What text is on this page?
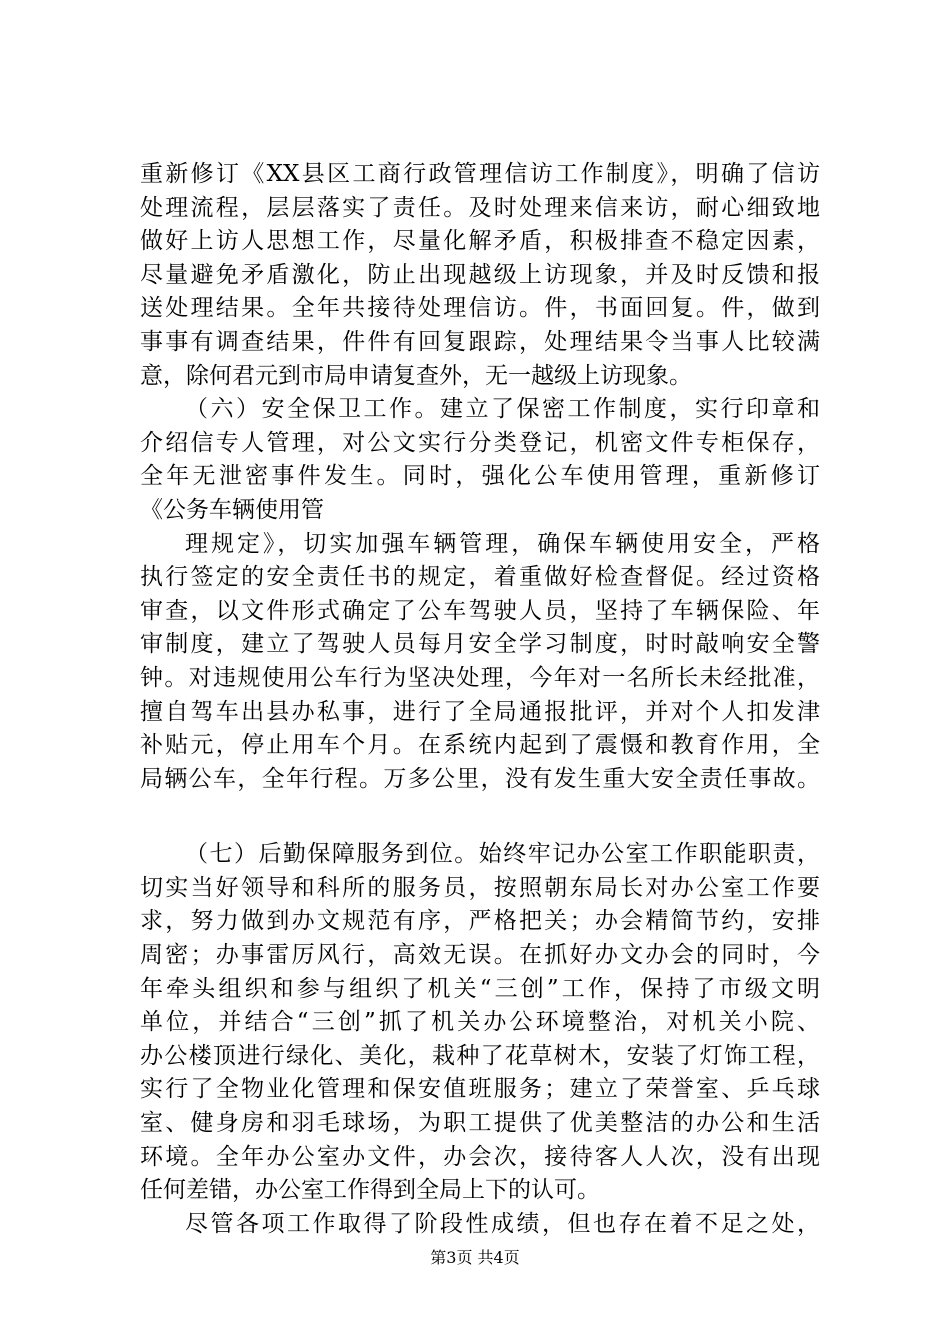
重新修订《XX县区工商行政管理信访工作制度》，明确了信访
处理流程，层层落实了责任。及时处理来信来访，耐心细致地
做好上访人思想工作，尽量化解矛盾，积极排查不稳定因素，
尽量避免矛盾激化，防止出现越级上访现象，并及时反馈和报
送处理结果。全年共接待处理信访。件，书面回复。件，做到
事事有调查结果，件件有回复跟踪，处理结果令当事人比较满
意，除何君元到市局申请复查外，无一越级上访现象。
（六）安全保卫工作。建立了保密工作制度，实行印章和
介绍信专人管理，对公文实行分类登记，机密文件专柜保存，
全年无泄密事件发生。同时，强化公车使用管理，重新修订
《公务车辆使用管
理规定》，切实加强车辆管理，确保车辆使用安全，严格
执行签定的安全责任书的规定，着重做好检查督促。经过资格
审查，以文件形式确定了公车驾驶人员，坚持了车辆保险、年
审制度，建立了驾驶人员每月安全学习制度，时时敲响安全警
钟。对违规使用公车行为坚决处理，今年对一名所长未经批准，
擅自驾车出县办私事，进行了全局通报批评，并对个人扣发津
补贴元，停止用车个月。在系统内起到了震慑和教育作用，全
局辆公车，全年行程。万多公里，没有发生重大安全责任事故。
（七）后勤保障服务到位。始终牢记办公室工作职能职责，
切实当好领导和科所的服务员，按照朝东局长对办公室工作要
求，努力做到办文规范有序，严格把关；办会精简节约，安排
周密；办事雷厉风行，高效无误。在抓好办文办会的同时，今
年牵头组织和参与组织了机关“三创”工作，保持了市级文明
单位，并结合“三创”抓了机关办公环境整治，对机关小院、
办公楼顶进行绿化、美化，栽种了花草树木，安装了灯饰工程，
实行了全物业化管理和保安值班服务；建立了荣誉室、乒乓球
室、健身房和羽毛球场，为职工提供了优美整洁的办公和生活
环境。全年办公室办文件，办会次，接待客人人次，没有出现
任何差错，办公室工作得到全局上下的认可。
尽管各项工作取得了阶段性成绩，但也存在着不足之处，
第3页 共4页
